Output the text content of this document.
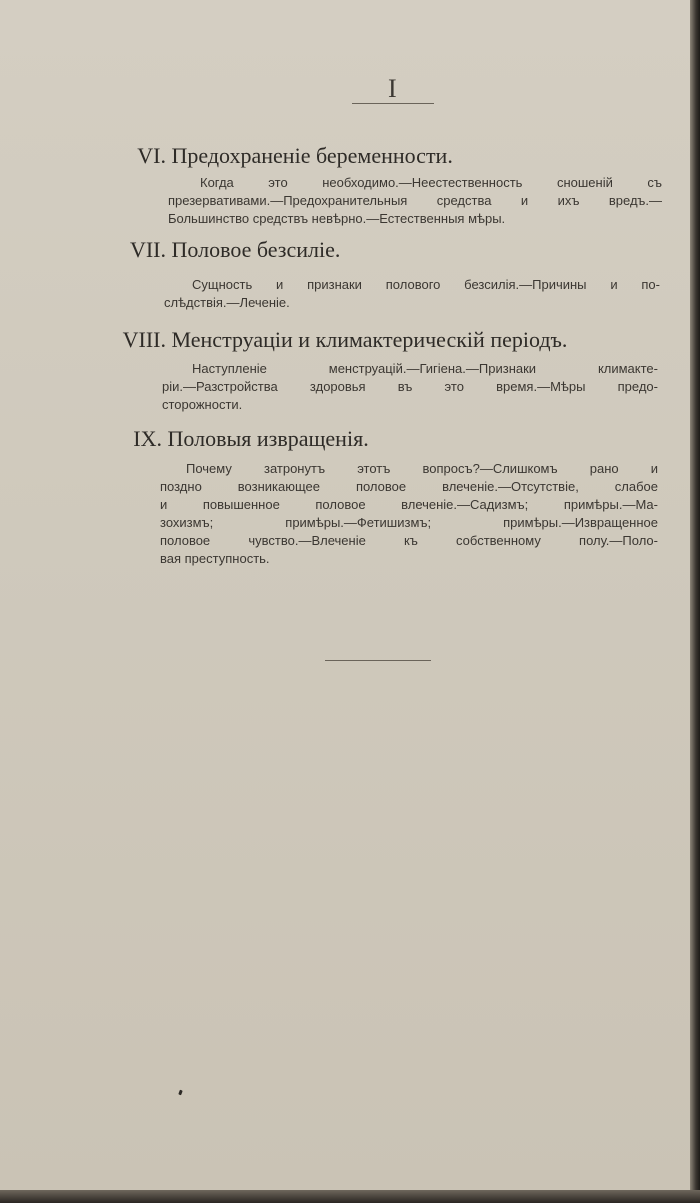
I
VI. Предохраненіе беременности.
Когда это необходимо.—Неестественность сношеній съ
презервативами.—Предохранительныя средства и ихъ вредъ.—
Большинство средствъ невѣрно.—Естественныя мѣры.
VII. Половое безсиліе.
Сущность и признаки полового безсилія.—Причины и по-
слѣдствія.—Леченіе.
VIII. Менструаціи и климактерическій періодъ.
Наступленіе менструацій.—Гигіена.—Признаки климакте-
ріи.—Разстройства здоровья въ это время.—Мѣры предо-
сторожности.
IX. Половыя извращенія.
Почему затронутъ этотъ вопросъ?—Слишкомъ рано и
поздно возникающее половое влеченіе.—Отсутствіе, слабое
и повышенное половое влеченіе.—Садизмъ; примѣры.—Ма-
зохизмъ; примѣры.—Фетишизмъ; примѣры.—Извращенное
половое чувство.—Влеченіе къ собственному полу.—Поло-
вая преступность.
